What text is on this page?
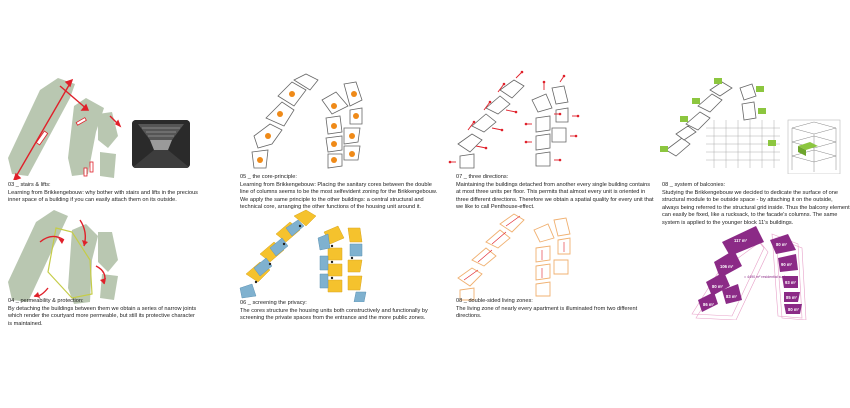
03 _ stairs & lifts:
Learning from Brikkengebouw: why bother with stairs and lifts in the precious inner space of a building if you can easily attach them on its outside.
04 _ permeability & protection:
By detaching the buildings between them we obtain a series of narrow joints which render the courtyard more permeable, but still its protective character is maintained.
05 _ the core-principle:
Learning from Brikkengebouw: Placing the sanitary cores between the double line of columns seems to be the most selfevident zoning for the Brikkengebouw. We apply the same principle to the other buildings: a central structural and technical core, arranging the other functions of the housing unit around it.
06 _ screening the privacy:
The cores structure the housing units both constructively and functionally by screening the private spaces from the entrance and the more public zones.
07 _ three directions:
Maintaining the buildings detached from another every single building contains at most three units per floor. This permits that almost every unit is oriented in three different directions. Therefore we obtain a spatial quality for every unit that we like to call Penthouse-effect.
08 _ double-sided living zones:
The living zone of nearly every apartment is illuminated from two different directions.
08 _ system of balconies:
Studying the Brikkengebouw we decided to dedicate the surface of one structural module to be outside space - by attaching it on the outside, always being referred to the structural grid inside. Thus the balcony element can easily be fixed, like a rucksack, to the facade's columns. The same system is applied to the younger block 11's buildings.
117 m²
80 m²
90 m²
106 m²
80 m²
93 m²
86 m²
83 m²	85 m²
80 m²
= 4490 m² residential surface
